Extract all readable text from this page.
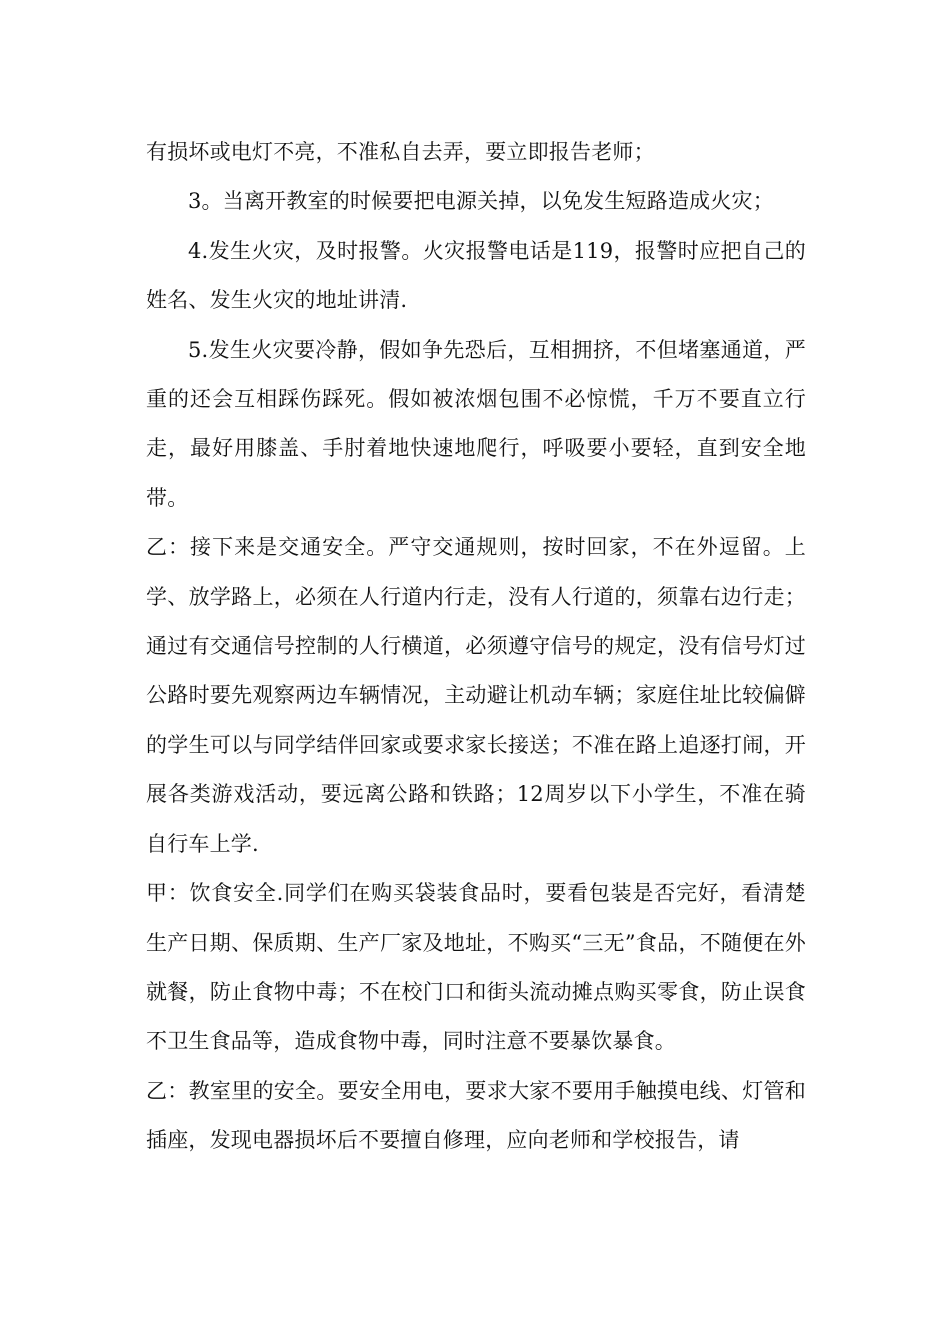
有损坏或电灯不亮，不准私自去弄，要立即报告老师；

3。当离开教室的时候要把电源关掉，以免发生短路造成火灾；

4.发生火灾，及时报警。火灾报警电话是119，报警时应把自己的姓名、发生火灾的地址讲清.

5.发生火灾要冷静，假如争先恐后，互相拥挤，不但堵塞通道，严重的还会互相踩伤踩死。假如被浓烟包围不必惊慌，千万不要直立行走，最好用膝盖、手肘着地快速地爬行，呼吸要小要轻，直到安全地带。

乙：接下来是交通安全。严守交通规则，按时回家，不在外逗留。上学、放学路上，必须在人行道内行走，没有人行道的，须靠右边行走；通过有交通信号控制的人行横道，必须遵守信号的规定，没有信号灯过公路时要先观察两边车辆情况，主动避让机动车辆；家庭住址比较偏僻的学生可以与同学结伴回家或要求家长接送；不准在路上追逐打闹，开展各类游戏活动，要远离公路和铁路；12周岁以下小学生，不准在骑自行车上学.

甲：饮食安全.同学们在购买袋装食品时，要看包装是否完好，看清楚生产日期、保质期、生产厂家及地址，不购买“三无”食品，不随便在外就餐，防止食物中毒；不在校门口和街头流动摊点购买零食，防止误食不卫生食品等，造成食物中毒，同时注意不要暴饮暴食。

乙：教室里的安全。要安全用电，要求大家不要用手触摸电线、灯管和插座，发现电器损坏后不要擅自修理，应向老师和学校报告，请
